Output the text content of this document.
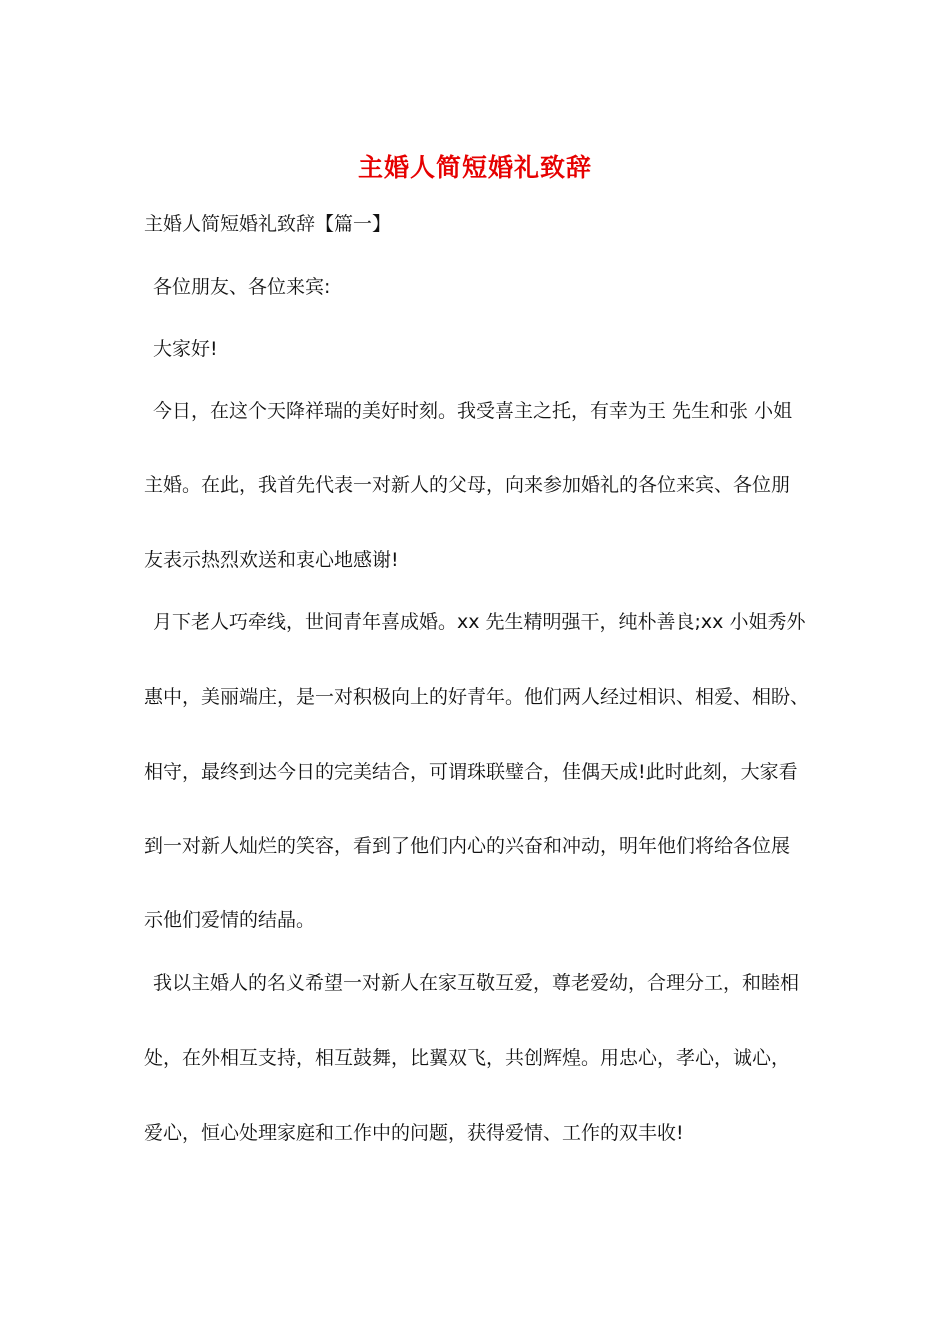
主婚人简短婚礼致辞
主婚人简短婚礼致辞【篇一】
各位朋友、各位来宾:
大家好!
今日，在这个天降祥瑞的美好时刻。我受喜主之托，有幸为王 先生和张 小姐
主婚。在此，我首先代表一对新人的父母，向来参加婚礼的各位来宾、各位朋
友表示热烈欢送和衷心地感谢!
月下老人巧牵线，世间青年喜成婚。xx 先生精明强干，纯朴善良;xx 小姐秀外
惠中，美丽端庄，是一对积极向上的好青年。他们两人经过相识、相爱、相盼、
相守，最终到达今日的完美结合，可谓珠联璧合，佳偶天成!此时此刻，大家看
到一对新人灿烂的笑容，看到了他们内心的兴奋和冲动，明年他们将给各位展
示他们爱情的结晶。
我以主婚人的名义希望一对新人在家互敬互爱，尊老爱幼，合理分工，和睦相
处，在外相互支持，相互鼓舞，比翼双飞，共创辉煌。用忠心，孝心，诚心，
爱心，恒心处理家庭和工作中的问题，获得爱情、工作的双丰收!
